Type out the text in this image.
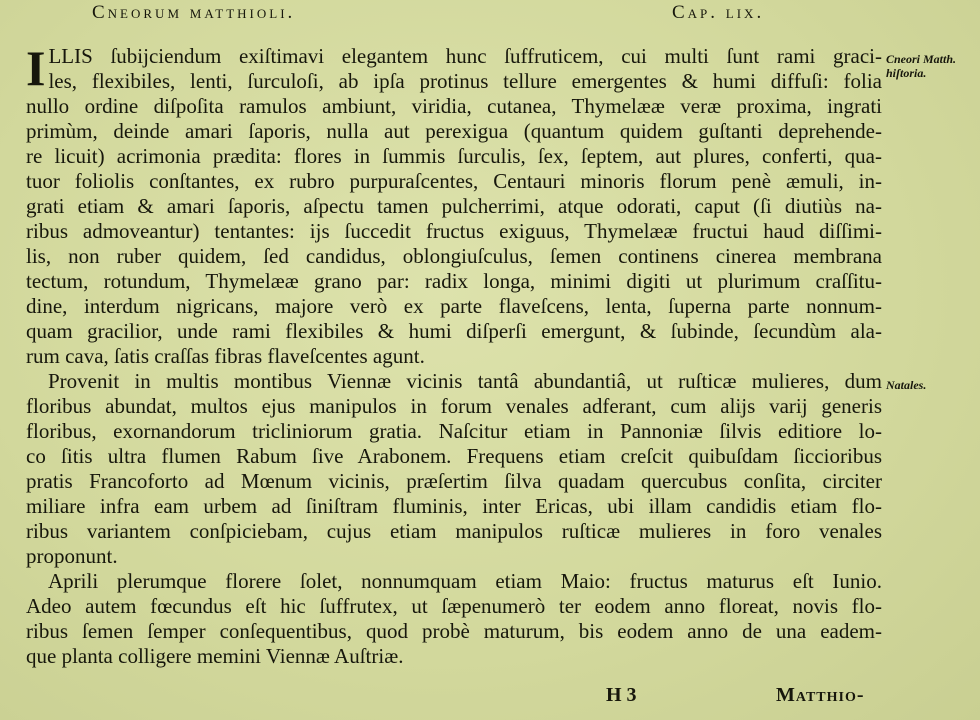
Cneorum matthioli.	Cap. lix.
I LLIS ſubijciendum exiſtimavi elegantem hunc ſuffruticem, cui multi ſunt rami graci-
les, flexibiles, lenti, ſurculoſi, ab ipſa protinus tellure emergentes & humi diffuſi: folia
nullo ordine diſpoſita ramulos ambiunt, viridia, cutanea, Thymelææ veræ proxima, ingrati
primùm, deinde amari ſaporis, nulla aut perexigua (quantum quidem guſtanti deprehende-
re licuit) acrimonia prædita: flores in ſummis ſurculis, ſex, ſeptem, aut plures, conferti, qua-
tuor foliolis conſtantes, ex rubro purpuraſcentes, Centauri minoris florum penè æmuli, in-
grati etiam & amari ſaporis, aſpectu tamen pulcherrimi, atque odorati, caput (ſi diutiùs na-
ribus admoveantur) tentantes: ijs ſuccedit fructus exiguus, Thymelææ fructui haud diſſimi-
lis, non ruber quidem, ſed candidus, oblongiuſculus, ſemen continens cinerea membrana
tectum, rotundum, Thymelææ grano par: radix longa, minimi digiti ut plurimum craſſitu-
dine, interdum nigricans, majore verò ex parte flaveſcens, lenta, ſuperna parte nonnum-
quam gracilior, unde rami flexibiles & humi diſperſi emergunt, & ſubinde, ſecundùm ala-
rum cava, ſatis craſſas fibras flaveſcentes agunt.
Provenit in multis montibus Viennæ vicinis tantâ abundantiâ, ut ruſticæ mulieres, dum
floribus abundat, multos ejus manipulos in forum venales adferant, cum alijs varij generis
floribus, exornandorum tricliniorum gratia. Naſcitur etiam in Pannoniæ ſilvis editiore lo-
co ſitis ultra flumen Rabum ſive Arabonem. Frequens etiam creſcit quibuſdam ſiccioribus
pratis Francoforto ad Mœnum vicinis, præſertim ſilva quadam quercubus conſita, circiter
miliare infra eam urbem ad ſiniſtram fluminis, inter Ericas, ubi illam candidis etiam flo-
ribus variantem conſpiciebam, cujus etiam manipulos ruſticæ mulieres in foro venales
proponunt.
Aprili plerumque florere ſolet, nonnumquam etiam Maio: fructus maturus eſt Iunio.
Adeo autem fœcundus eſt hic ſuffrutex, ut ſæpenumerò ter eodem anno floreat, novis flo-
ribus ſemen ſemper conſequentibus, quod probè maturum, bis eodem anno de una eadem-
que planta colligere memini Viennæ Auſtriæ.
Cneori Matth. hiſtoria.
Natales.
H 3	Matthio-
